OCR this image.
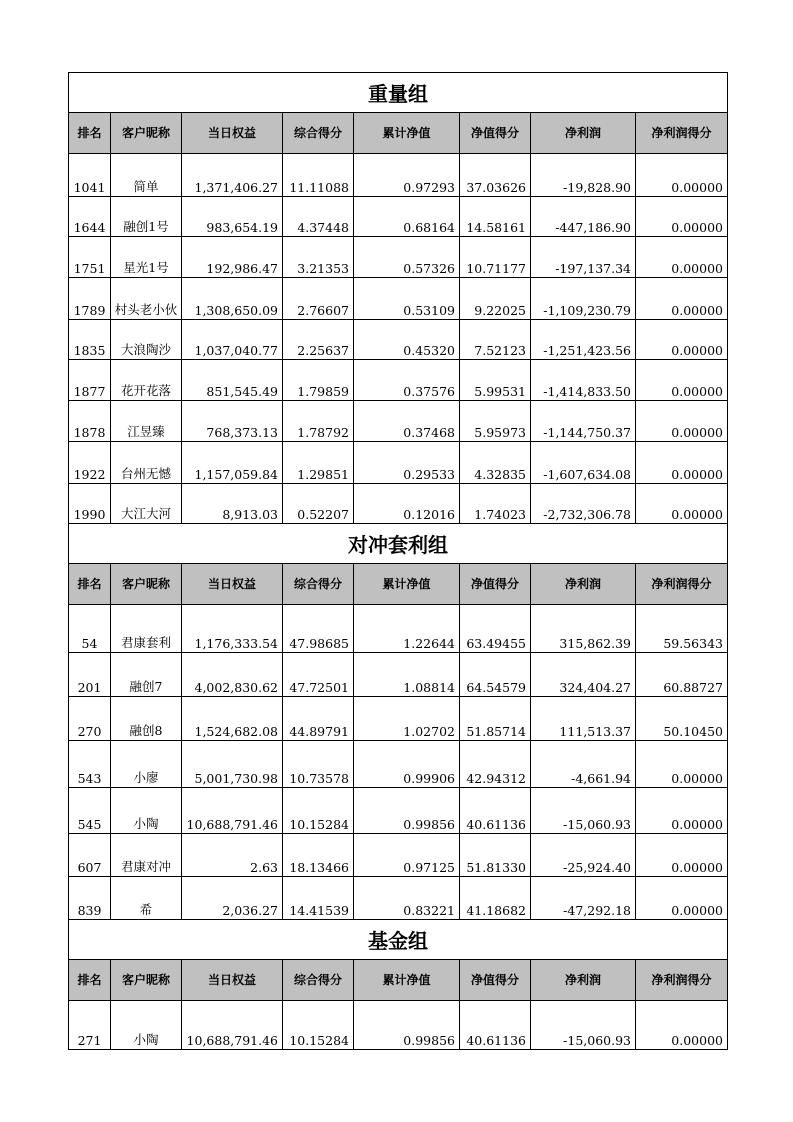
重量组							
排名	客户昵称	当日权益	综合得分	累计净值	净值得分	净利润	净利润得分
1041	简单	1,371,406.27	11.11088	0.97293	37.03626	-19,828.90	0.00000
1644	融创1号	983,654.19	4.37448	0.68164	14.58161	-447,186.90	0.00000
1751	星光1号	192,986.47	3.21353	0.57326	10.71177	-197,137.34	0.00000
1789	村头老小伙	1,308,650.09	2.76607	0.53109	9.22025	-1,109,230.79	0.00000
1835	大浪陶沙	1,037,040.77	2.25637	0.45320	7.52123	-1,251,423.56	0.00000
1877	花开花落	851,545.49	1.79859	0.37576	5.99531	-1,414,833.50	0.00000
1878	江昱臻	768,373.13	1.78792	0.37468	5.95973	-1,144,750.37	0.00000
1922	台州无憾	1,157,059.84	1.29851	0.29533	4.32835	-1,607,634.08	0.00000
1990	大江大河	8,913.03	0.52207	0.12016	1.74023	-2,732,306.78	0.00000
对冲套利组							
排名	客户昵称	当日权益	综合得分	累计净值	净值得分	净利润	净利润得分
54	君康套利	1,176,333.54	47.98685	1.22644	63.49455	315,862.39	59.56343
201	融创7	4,002,830.62	47.72501	1.08814	64.54579	324,404.27	60.88727
270	融创8	1,524,682.08	44.89791	1.02702	51.85714	111,513.37	50.10450
543	小廖	5,001,730.98	10.73578	0.99906	42.94312	-4,661.94	0.00000
545	小陶	10,688,791.46	10.15284	0.99856	40.61136	-15,060.93	0.00000
607	君康对冲	2.63	18.13466	0.97125	51.81330	-25,924.40	0.00000
839	希	2,036.27	14.41539	0.83221	41.18682	-47,292.18	0.00000
基金组							
排名	客户昵称	当日权益	综合得分	累计净值	净值得分	净利润	净利润得分
271	小陶	10,688,791.46	10.15284	0.99856	40.61136	-15,060.93	0.00000
